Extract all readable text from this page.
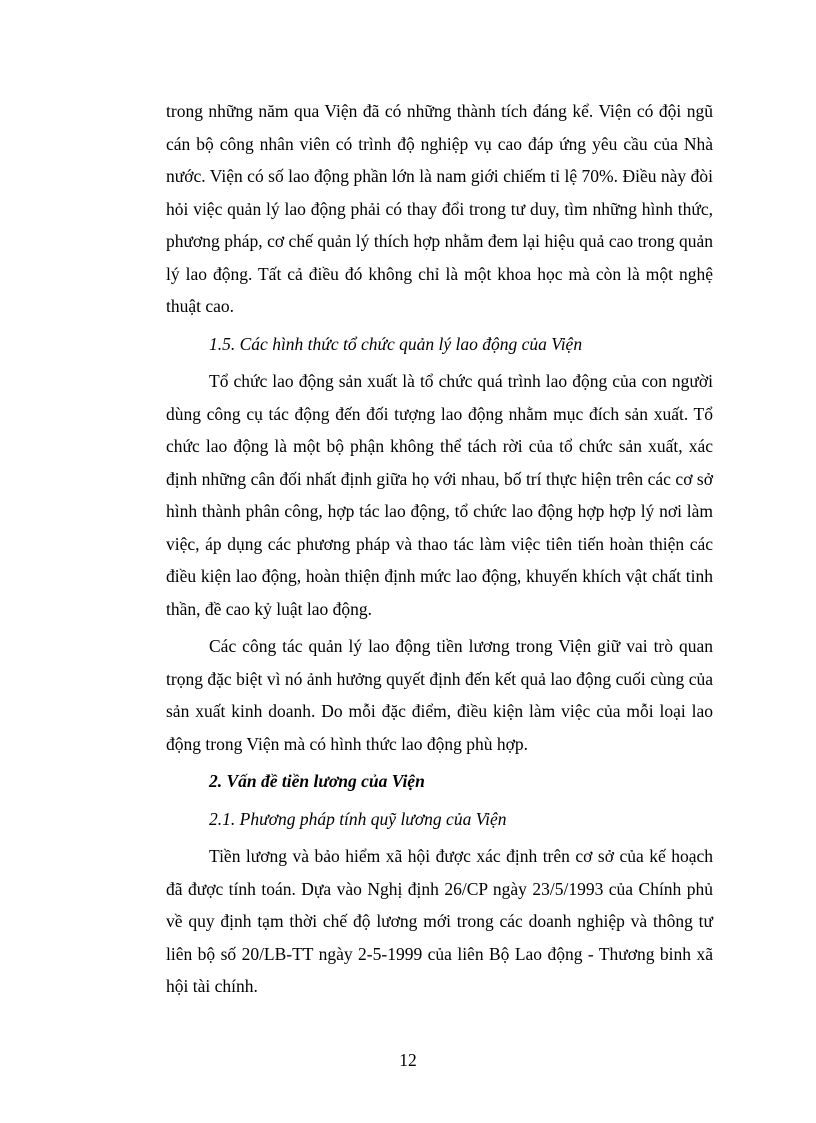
trong những năm qua Viện đã có những thành tích đáng kể. Viện có đội ngũ cán bộ công nhân viên có trình độ nghiệp vụ cao đáp ứng yêu cầu của Nhà nước. Viện có số lao động phần lớn là nam giới chiếm tỉ lệ 70%. Điều này đòi hỏi việc quản lý lao động phải có thay đổi trong tư duy, tìm những hình thức, phương pháp, cơ chế quản lý thích hợp nhằm đem lại hiệu quả cao trong quản lý lao động. Tất cả điều đó không chỉ là một khoa học mà còn là một nghệ thuật cao.

1.5. Các hình thức tổ chức quản lý lao động của Viện

Tổ chức lao động sản xuất là tổ chức quá trình lao động của con người dùng công cụ tác động đến đối tượng lao động nhằm mục đích sản xuất. Tổ chức lao động là một bộ phận không thể tách rời của tổ chức sản xuất, xác định những cân đối nhất định giữa họ với nhau, bố trí thực hiện trên các cơ sở hình thành phân công, hợp tác lao động, tổ chức lao động hợp hợp lý nơi làm việc, áp dụng các phương pháp và thao tác làm việc tiên tiến hoàn thiện các điều kiện lao động, hoàn thiện định mức lao động, khuyến khích vật chất tinh thần, đề cao kỷ luật lao động.

Các công tác quản lý lao động tiền lương trong Viện giữ vai trò quan trọng đặc biệt vì nó ảnh hưởng quyết định đến kết quả lao động cuối cùng của sản xuất kinh doanh. Do mỗi đặc điểm, điều kiện làm việc của mỗi loại lao động trong Viện mà có hình thức lao động phù hợp.

2. Vấn đề tiền lương của Viện

2.1. Phương pháp tính quỹ lương của Viện

Tiền lương và bảo hiểm xã hội được xác định trên cơ sở của kế hoạch đã được tính toán. Dựa vào Nghị định 26/CP ngày 23/5/1993 của Chính phủ về quy định tạm thời chế độ lương mới trong các doanh nghiệp và thông tư liên bộ số 20/LB-TT ngày 2-5-1999 của liên Bộ Lao động - Thương binh xã hội tài chính.

12
